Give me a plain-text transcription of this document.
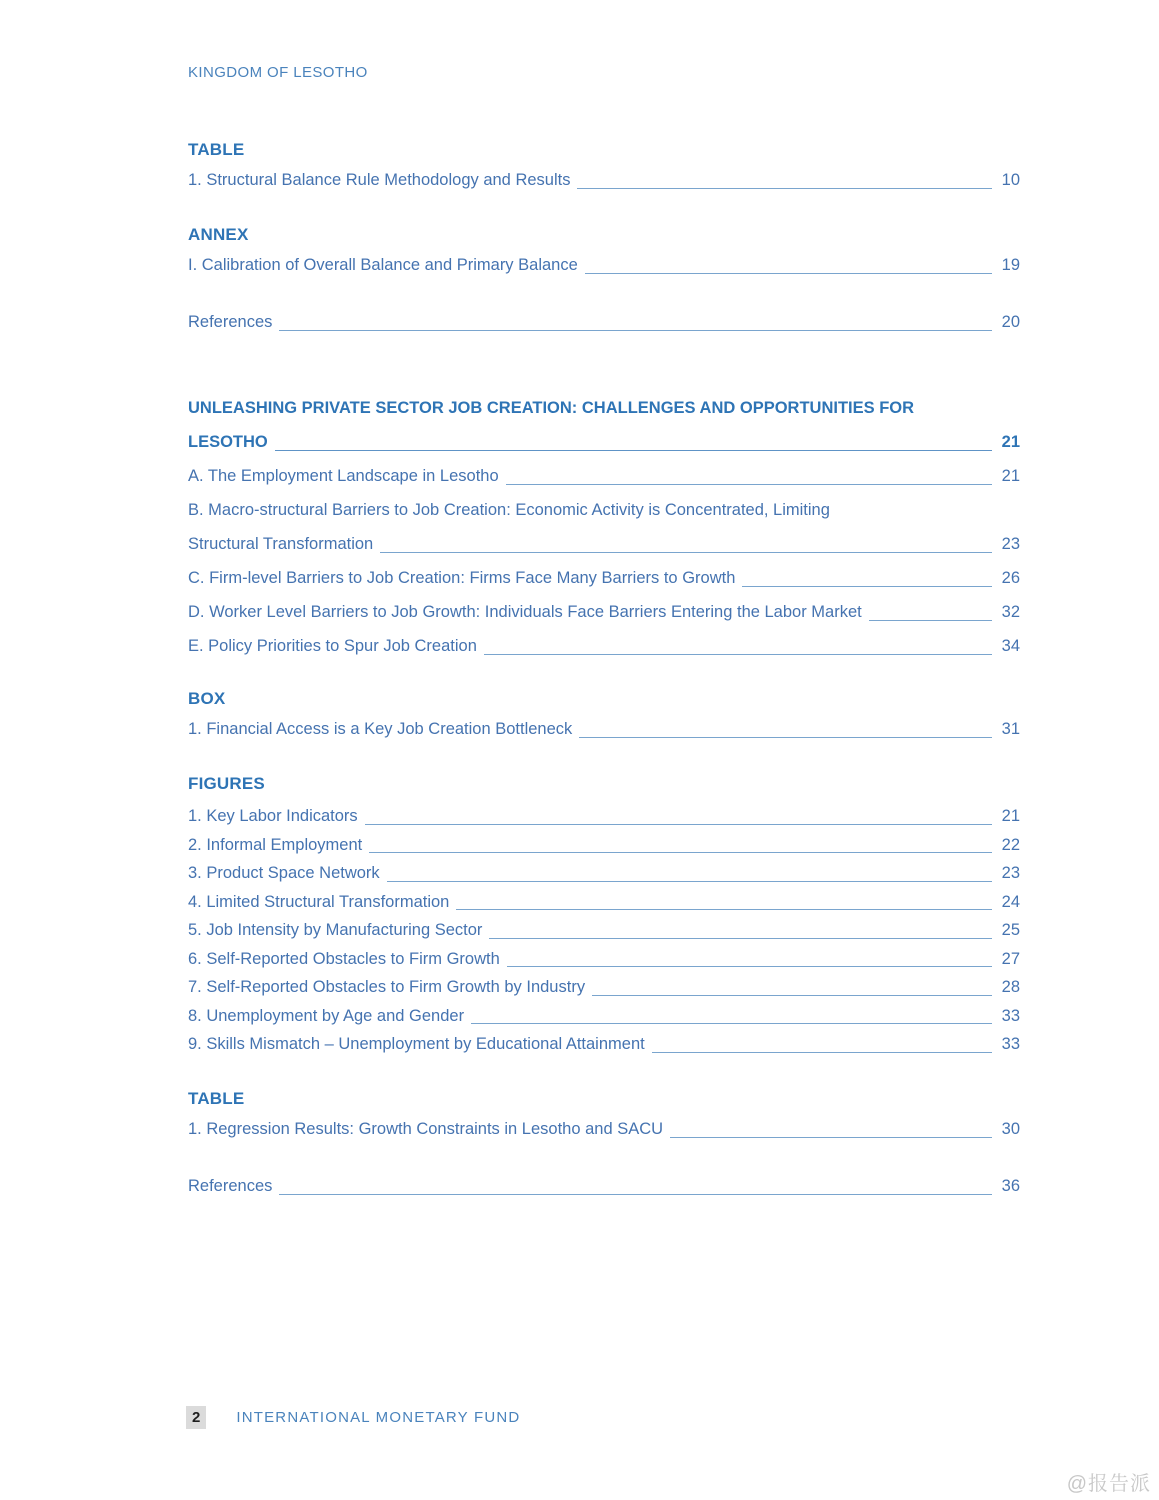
KINGDOM OF LESOTHO
TABLE
1. Structural Balance Rule Methodology and Results	10
ANNEX
I. Calibration of Overall Balance and Primary Balance	19
References	20
UNLEASHING PRIVATE SECTOR JOB CREATION: CHALLENGES AND OPPORTUNITIES FOR
LESOTHO	21
A. The Employment Landscape in Lesotho	21
B. Macro-structural Barriers to Job Creation: Economic Activity is Concentrated, Limiting
Structural Transformation	23
C. Firm-level Barriers to Job Creation: Firms Face Many Barriers to Growth	26
D. Worker Level Barriers to Job Growth: Individuals Face Barriers Entering the Labor Market	32
E. Policy Priorities to Spur Job Creation	34
BOX
1. Financial Access is a Key Job Creation Bottleneck	31
FIGURES
1. Key Labor Indicators	21
2. Informal Employment	22
3. Product Space Network	23
4. Limited Structural Transformation	24
5. Job Intensity by Manufacturing Sector	25
6. Self-Reported Obstacles to Firm Growth	27
7. Self-Reported Obstacles to Firm Growth by Industry	28
8. Unemployment by Age and Gender	33
9. Skills Mismatch – Unemployment by Educational Attainment	33
TABLE
1. Regression Results: Growth Constraints in Lesotho and SACU	30
References	36
2	INTERNATIONAL MONETARY FUND
@报告派
